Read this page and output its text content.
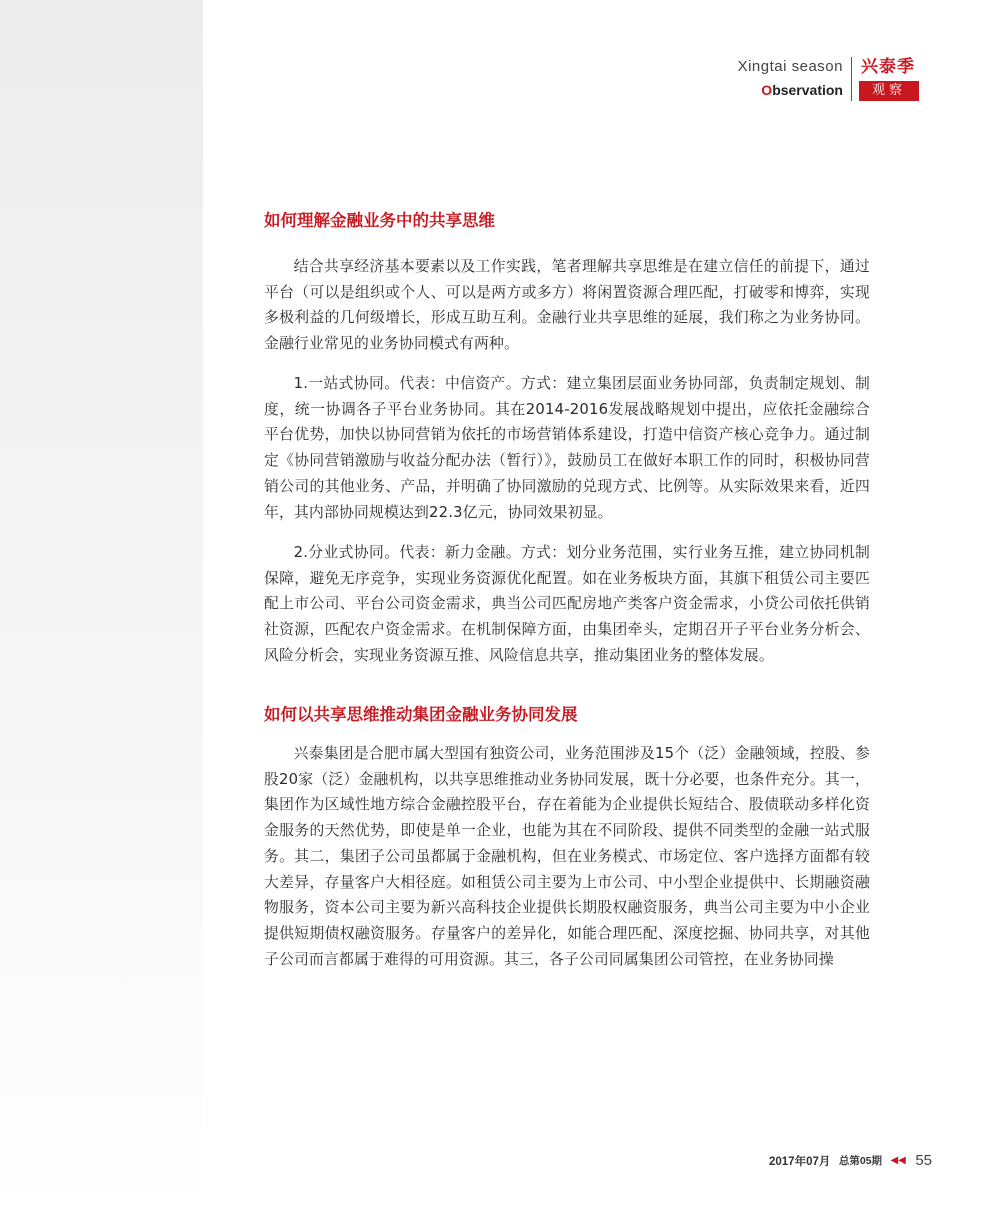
Xingtai season
Observation
兴泰季
观察
如何理解金融业务中的共享思维

结合共享经济基本要素以及工作实践，笔者理解共享思维是在建立信任的前提下，通过平台（可以是组织或个人、可以是两方或多方）将闲置资源合理匹配，打破零和博弈，实现多极利益的几何级增长，形成互助互利。金融行业共享思维的延展，我们称之为业务协同。金融行业常见的业务协同模式有两种。

1.一站式协同。代表：中信资产。方式：建立集团层面业务协同部，负责制定规划、制度，统一协调各子平台业务协同。其在2014-2016发展战略规划中提出，应依托金融综合平台优势，加快以协同营销为依托的市场营销体系建设，打造中信资产核心竞争力。通过制定《协同营销激励与收益分配办法（暂行）》，鼓励员工在做好本职工作的同时，积极协同营销公司的其他业务、产品，并明确了协同激励的兑现方式、比例等。从实际效果来看，近四年，其内部协同规模达到22.3亿元，协同效果初显。

2.分业式协同。代表：新力金融。方式：划分业务范围，实行业务互推，建立协同机制保障，避免无序竞争，实现业务资源优化配置。如在业务板块方面，其旗下租赁公司主要匹配上市公司、平台公司资金需求，典当公司匹配房地产类客户资金需求，小贷公司依托供销社资源，匹配农户资金需求。在机制保障方面，由集团牵头，定期召开子平台业务分析会、风险分析会，实现业务资源互推、风险信息共享，推动集团业务的整体发展。

如何以共享思维推动集团金融业务协同发展

兴泰集团是合肥市属大型国有独资公司，业务范围涉及15个（泛）金融领域，控股、参股20家（泛）金融机构，以共享思维推动业务协同发展，既十分必要，也条件充分。其一，集团作为区域性地方综合金融控股平台，存在着能为企业提供长短结合、股债联动多样化资金服务的天然优势，即使是单一企业，也能为其在不同阶段、提供不同类型的金融一站式服务。其二，集团子公司虽都属于金融机构，但在业务模式、市场定位、客户选择方面都有较大差异，存量客户大相径庭。如租赁公司主要为上市公司、中小型企业提供中、长期融资融物服务，资本公司主要为新兴高科技企业提供长期股权融资服务，典当公司主要为中小企业提供短期债权融资服务。存量客户的差异化，如能合理匹配、深度挖掘、协同共享，对其他子公司而言都属于难得的可用资源。其三，各子公司同属集团公司管控，在业务协同操

2017年07月 总第05期 ◀◀ 55
